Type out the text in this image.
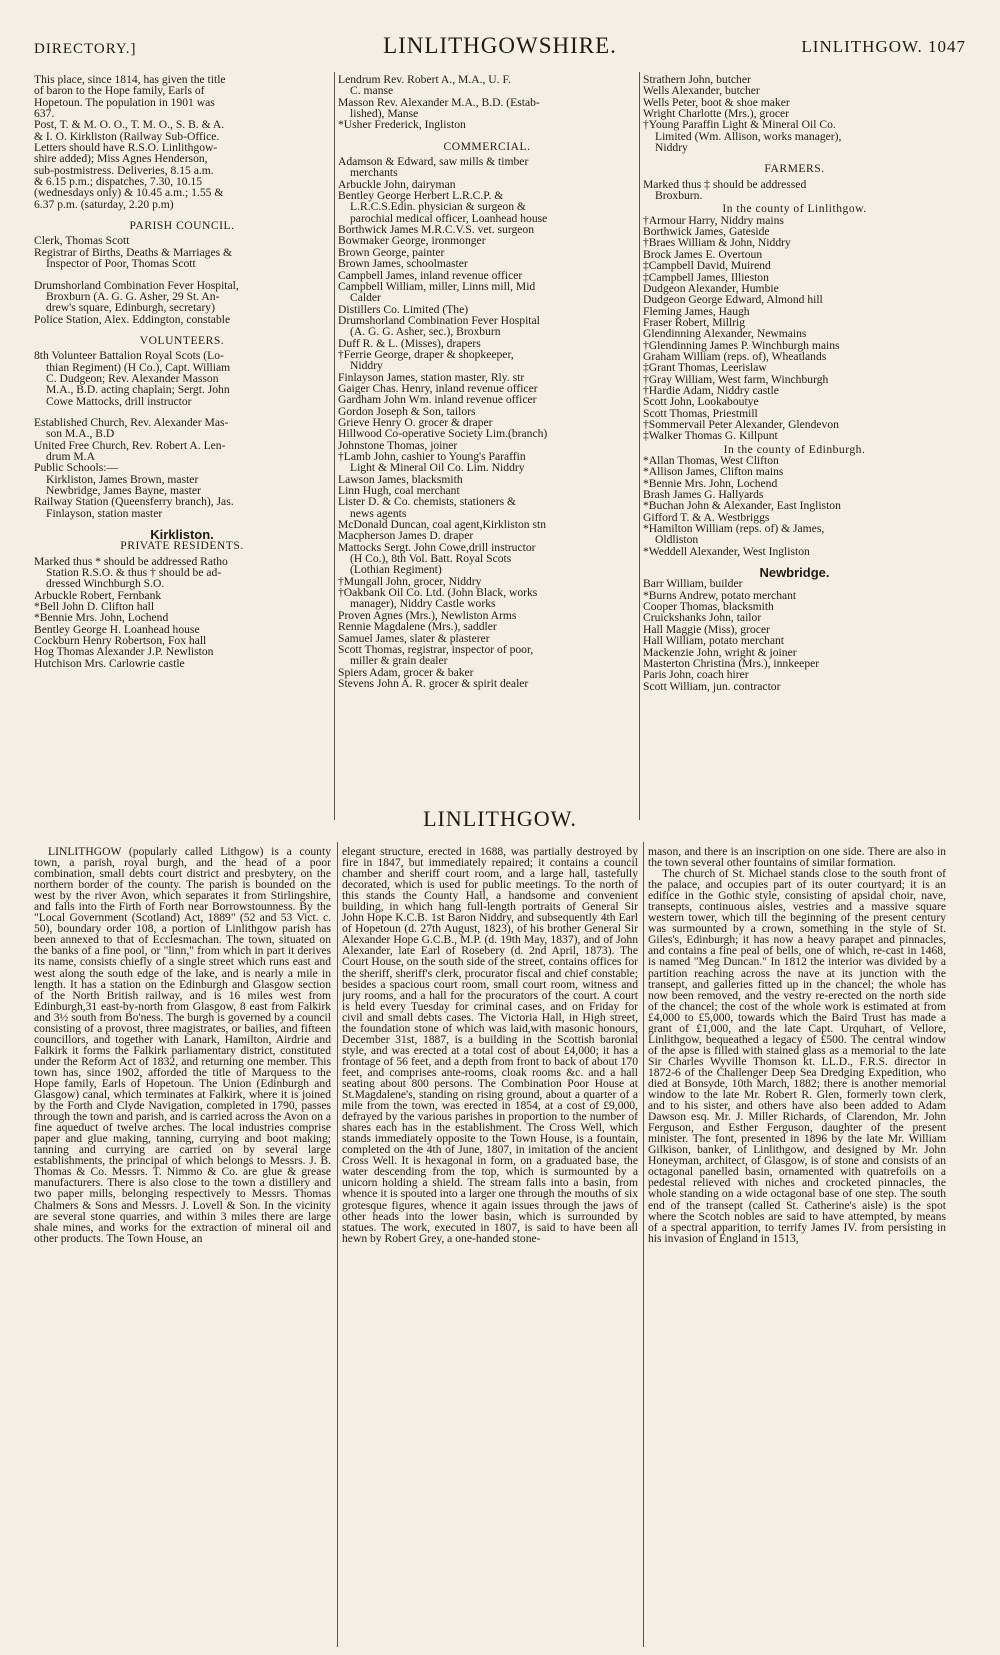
DIRECTORY.]	LINLITHGOWSHIRE.	LINLITHGOW. 1047
This place, since 1814, has given the title
of baron to the Hope family, Earls of
Hopetoun. The population in 1901 was
637.
Post, T. & M. O. O., T. M. O., S. B. & A.
& I. O. Kirkliston (Railway Sub-Office.
Letters should have R.S.O. Linlithgow-
shire added); Miss Agnes Henderson,
sub-postmistress. Deliveries, 8.15 a.m.
& 6.15 p.m.; dispatches, 7.30, 10.15
(wednesdays only) & 10.45 a.m.; 1.55 &
6.37 p.m. (saturday, 2.20 p.m)
PARISH COUNCIL.
Clerk, Thomas Scott
Registrar of Births, Deaths & Marriages &
Inspector of Poor, Thomas Scott
Drumshorland Combination Fever Hospital,
Broxburn (A. G. G. Asher, 29 St. An-
drew's square, Edinburgh, secretary)
Police Station, Alex. Eddington, constable
VOLUNTEERS.
8th Volunteer Battalion Royal Scots (Lo-
thian Regiment) (H Co.), Capt. William
C. Dudgeon; Rev. Alexander Masson
M.A., B.D. acting chaplain; Sergt. John
Cowe Mattocks, drill instructor
Established Church, Rev. Alexander Mas-
son M.A., B.D
United Free Church, Rev. Robert A. Len-
drum M.A
Public Schools:—
Kirkliston, James Brown, master
Newbridge, James Bayne, master
Railway Station (Queensferry branch), Jas.
Finlayson, station master
Kirkliston.
PRIVATE RESIDENTS.
Marked thus * should be addressed Ratho
Station R.S.O. & thus † should be ad-
dressed Winchburgh S.O.
Arbuckle Robert, Fernbank
*Bell John D. Clifton hall
*Bennie Mrs. John, Lochend
Bentley George H. Loanhead house
Cockburn Henry Robertson, Fox hall
Hog Thomas Alexander J.P. Newliston
Hutchison Mrs. Carlowrie castle
Lendrum Rev. Robert A., M.A., U. F.
C. manse
Masson Rev. Alexander M.A., B.D. (Estab-
lished), Manse
*Usher Frederick, Ingliston
COMMERCIAL.
Adamson & Edward, saw mills & timber
merchants
Arbuckle John, dairyman
Bentley George Herbert L.R.C.P. &
L.R.C.S.Edin. physician & surgeon &
parochial medical officer, Loanhead house
Borthwick James M.R.C.V.S. vet. surgeon
Bowmaker George, ironmonger
Brown George, painter
Brown James, schoolmaster
Campbell James, inland revenue officer
Campbell William, miller, Linns mill, Mid
Calder
Distillers Co. Limited (The)
Drumshorland Combination Fever Hospital
(A. G. G. Asher, sec.), Broxburn
Duff R. & L. (Misses), drapers
†Ferrie George, draper & shopkeeper,
Niddry
Finlayson James, station master, Rly. str
Gaiger Chas. Henry, inland revenue officer
Gardham John Wm. inland revenue officer
Gordon Joseph & Son, tailors
Grieve Henry O. grocer & draper
Hillwood Co-operative Society Lim.(branch)
Johnstone Thomas, joiner
†Lamb John, cashier to Young's Paraffin
Light & Mineral Oil Co. Lim. Niddry
Lawson James, blacksmith
Linn Hugh, coal merchant
Lister D. & Co. chemists, stationers &
news agents
McDonald Duncan, coal agent,Kirkliston stn
Macpherson James D. draper
Mattocks Sergt. John Cowe,drill instructor
(H Co.), 8th Vol. Batt. Royal Scots
(Lothian Regiment)
†Mungall John, grocer, Niddry
†Oakbank Oil Co. Ltd. (John Black, works
manager), Niddry Castle works
Proven Agnes (Mrs.), Newliston Arms
Rennie Magdalene (Mrs.), saddler
Samuel James, slater & plasterer
Scott Thomas, registrar, inspector of poor,
miller & grain dealer
Spiers Adam, grocer & baker
Stevens John A. R. grocer & spirit dealer
Strathern John, butcher
Wells Alexander, butcher
Wells Peter, boot & shoe maker
Wright Charlotte (Mrs.), grocer
†Young Paraffin Light & Mineral Oil Co.
Limited (Wm. Allison, works manager),
Niddry
FARMERS.
Marked thus ‡ should be addressed
Broxburn.
In the county of Linlithgow.
†Armour Harry, Niddry mains
Borthwick James, Gateside
†Braes William & John, Niddry
Brock James E. Overtoun
‡Campbell David, Muirend
‡Campbell James, Illieston
Dudgeon Alexander, Humbie
Dudgeon George Edward, Almond hill
Fleming James, Haugh
Fraser Robert, Millrig
Glendinning Alexander, Newmains
†Glendinning James P. Winchburgh mains
Graham William (reps. of), Wheatlands
‡Grant Thomas, Leerislaw
†Gray William, West farm, Winchburgh
†Hardie Adam, Niddry castle
Scott John, Lookaboutye
Scott Thomas, Priestmill
†Sommervail Peter Alexander, Glendevon
‡Walker Thomas G. Killpunt
In the county of Edinburgh.
*Allan Thomas, West Clifton
*Allison James, Clifton mains
*Bennie Mrs. John, Lochend
Brash James G. Hallyards
*Buchan John & Alexander, East Ingliston
Gifford T. & A. Westbriggs
*Hamilton William (reps. of) & James,
Oldliston
*Weddell Alexander, West Ingliston
Newbridge.
Barr William, builder
*Burns Andrew, potato merchant
Cooper Thomas, blacksmith
Cruickshanks John, tailor
Hall Maggie (Miss), grocer
Hall William, potato merchant
Mackenzie John, wright & joiner
Masterton Christina (Mrs.), innkeeper
Paris John, coach hirer
Scott William, jun. contractor
LINLITHGOW.

LINLITHGOW (popularly called Lithgow) is a county town, a parish, royal burgh, and the head of a poor combination, small debts court district and presbytery, on the northern border of the county. The parish is bounded on the west by the river Avon, which separates it from Stirlingshire, and falls into the Firth of Forth near Borrowstounness. By the "Local Government (Scotland) Act, 1889" (52 and 53 Vict. c. 50), boundary order 108, a portion of Linlithgow parish has been annexed to that of Ecclesmachan. The town, situated on the banks of a fine pool, or "linn," from which in part it derives its name, consists chiefly of a single street which runs east and west along the south edge of the lake, and is nearly a mile in length. It has a station on the Edinburgh and Glasgow section of the North British railway, and is 16 miles west from Edinburgh,31 east-by-north from Glasgow, 8 east from Falkirk and 3½ south from Bo'ness. The burgh is governed by a council consisting of a provost, three magistrates, or bailies, and fifteen councillors, and together with Lanark, Hamilton, Airdrie and Falkirk it forms the Falkirk parliamentary district, constituted under the Reform Act of 1832, and returning one member. This town has, since 1902, afforded the title of Marquess to the Hope family, Earls of Hopetoun. The Union (Edinburgh and Glasgow) canal, which terminates at Falkirk, where it is joined by the Forth and Clyde Navigation, completed in 1790, passes through the town and parish, and is carried across the Avon on a fine aqueduct of twelve arches. The local industries comprise paper and glue making, tanning, currying and boot making; tanning and currying are carried on by several large establishments, the principal of which belongs to Messrs. J. B. Thomas & Co. Messrs. T. Nimmo & Co. are glue & grease manufacturers. There is also close to the town a distillery and two paper mills, belonging respectively to Messrs. Thomas Chalmers & Sons and Messrs. J. Lovell & Son. In the vicinity are several stone quarries, and within 3 miles there are large shale mines, and works for the extraction of mineral oil and other products. The Town House, an

elegant structure, erected in 1688, was partially destroyed by fire in 1847, but immediately repaired; it contains a council chamber and sheriff court room, and a large hall, tastefully decorated, which is used for public meetings. To the north of this stands the County Hall, a handsome and convenient building, in which hang full-length portraits of General Sir John Hope K.C.B. 1st Baron Niddry, and subsequently 4th Earl of Hopetoun (d. 27th August, 1823), of his brother General Sir Alexander Hope G.C.B., M.P. (d. 19th May, 1837), and of John Alexander, late Earl of Rosebery (d. 2nd April, 1873). The Court House, on the south side of the street, contains offices for the sheriff, sheriff's clerk, procurator fiscal and chief constable; besides a spacious court room, small court room, witness and jury rooms, and a hall for the procurators of the court. A court is held every Tuesday for criminal cases, and on Friday for civil and small debts cases. The Victoria Hall, in High street, the foundation stone of which was laid,with masonic honours, December 31st, 1887, is a building in the Scottish baronial style, and was erected at a total cost of about £4,000; it has a frontage of 56 feet, and a depth from front to back of about 170 feet, and comprises ante-rooms, cloak rooms &c. and a hall seating about 800 persons. The Combination Poor House at St.Magdalene's, standing on rising ground, about a quarter of a mile from the town, was erected in 1854, at a cost of £9,000, defrayed by the various parishes in proportion to the number of shares each has in the establishment. The Cross Well, which stands immediately opposite to the Town House, is a fountain, completed on the 4th of June, 1807, in imitation of the ancient Cross Well. It is hexagonal in form, on a graduated base, the water descending from the top, which is surmounted by a unicorn holding a shield. The stream falls into a basin, from whence it is spouted into a larger one through the mouths of six grotesque figures, whence it again issues through the jaws of other heads into the lower basin, which is surrounded by statues. The work, executed in 1807, is said to have been all hewn by Robert Grey, a one-handed stone-

mason, and there is an inscription on one side. There are also in the town several other fountains of similar formation.

The church of St. Michael stands close to the south front of the palace, and occupies part of its outer courtyard; it is an edifice in the Gothic style, consisting of apsidal choir, nave, transepts, continuous aisles, vestries and a massive square western tower, which till the beginning of the present century was surmounted by a crown, something in the style of St. Giles's, Edinburgh; it has now a heavy parapet and pinnacles, and contains a fine peal of bells, one of which, re-cast in 1468, is named "Meg Duncan." In 1812 the interior was divided by a partition reaching across the nave at its junction with the transept, and galleries fitted up in the chancel; the whole has now been removed, and the vestry re-erected on the north side of the chancel; the cost of the whole work is estimated at from £4,000 to £5,000, towards which the Baird Trust has made a grant of £1,000, and the late Capt. Urquhart, of Vellore, Linlithgow, bequeathed a legacy of £500. The central window of the apse is filled with stained glass as a memorial to the late Sir Charles Wyville Thomson kt. LL.D., F.R.S. director in 1872-6 of the Challenger Deep Sea Dredging Expedition, who died at Bonsyde, 10th March, 1882; there is another memorial window to the late Mr. Robert R. Glen, formerly town clerk, and to his sister, and others have also been added to Adam Dawson esq. Mr. J. Miller Richards, of Clarendon, Mr. John Ferguson, and Esther Ferguson, daughter of the present minister. The font, presented in 1896 by the late Mr. William Gilkison, banker, of Linlithgow, and designed by Mr. John Honeyman, architect, of Glasgow, is of stone and consists of an octagonal panelled basin, ornamented with quatrefoils on a pedestal relieved with niches and crocketed pinnacles, the whole standing on a wide octagonal base of one step. The south end of the transept (called St. Catherine's aisle) is the spot where the Scotch nobles are said to have attempted, by means of a spectral apparition, to terrify James IV. from persisting in his invasion of England in 1513,
